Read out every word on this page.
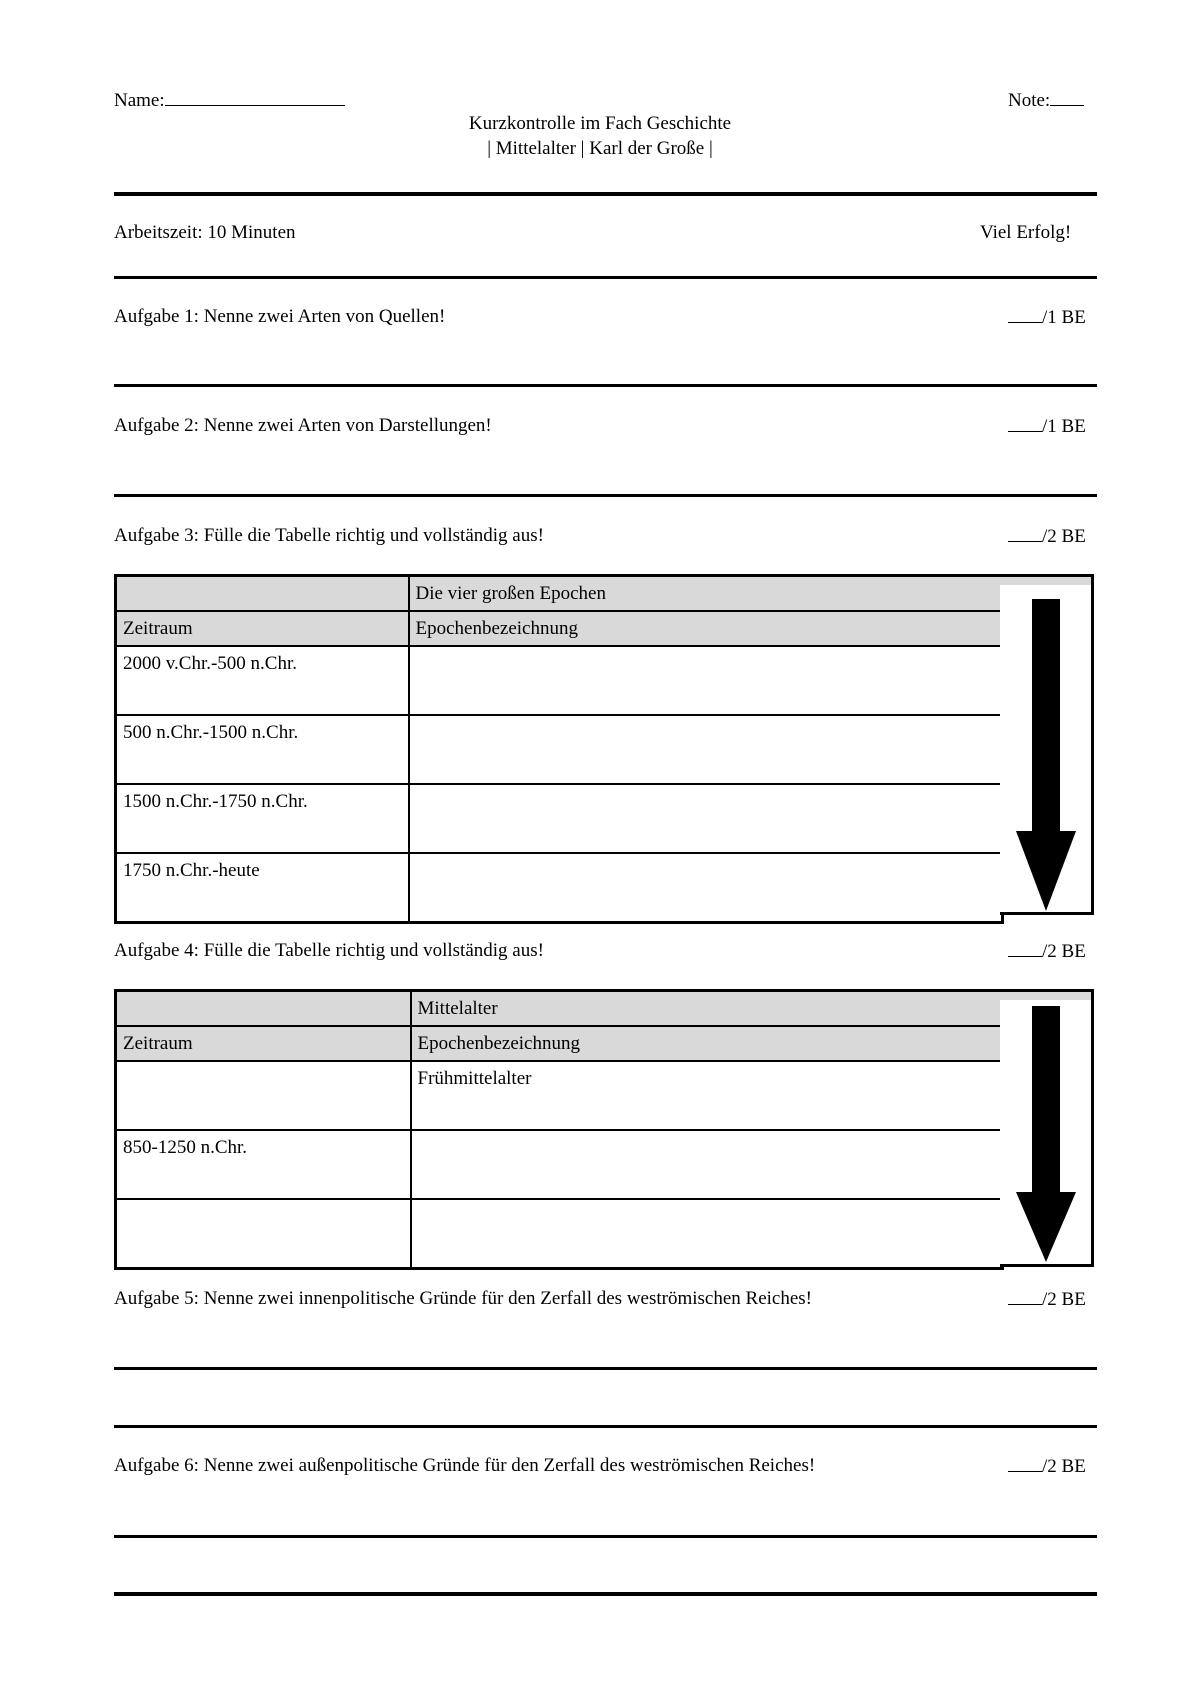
Name:	Note:
Kurzkontrolle im Fach Geschichte
| Mittelalter | Karl der Große |
Arbeitszeit: 10 Minuten	Viel Erfolg!
Aufgabe 1: Nenne zwei Arten von Quellen!	/1 BE
Aufgabe 2: Nenne zwei Arten von Darstellungen!	/1 BE
Aufgabe 3: Fülle die Tabelle richtig und vollständig aus!	/2 BE
	Die vier großen Epochen
Zeitraum	Epochenbezeichnung
2000 v.Chr.-500 n.Chr.	
500 n.Chr.-1500 n.Chr.	
1500 n.Chr.-1750 n.Chr.	
1750 n.Chr.-heute	
Aufgabe 4: Fülle die Tabelle richtig und vollständig aus!	/2 BE
	Mittelalter
Zeitraum	Epochenbezeichnung
	Frühmittelalter
850-1250 n.Chr.	

Aufgabe 5: Nenne zwei innenpolitische Gründe für den Zerfall des weströmischen Reiches!	/2 BE
Aufgabe 6: Nenne zwei außenpolitische Gründe für den Zerfall des weströmischen Reiches!	/2 BE
